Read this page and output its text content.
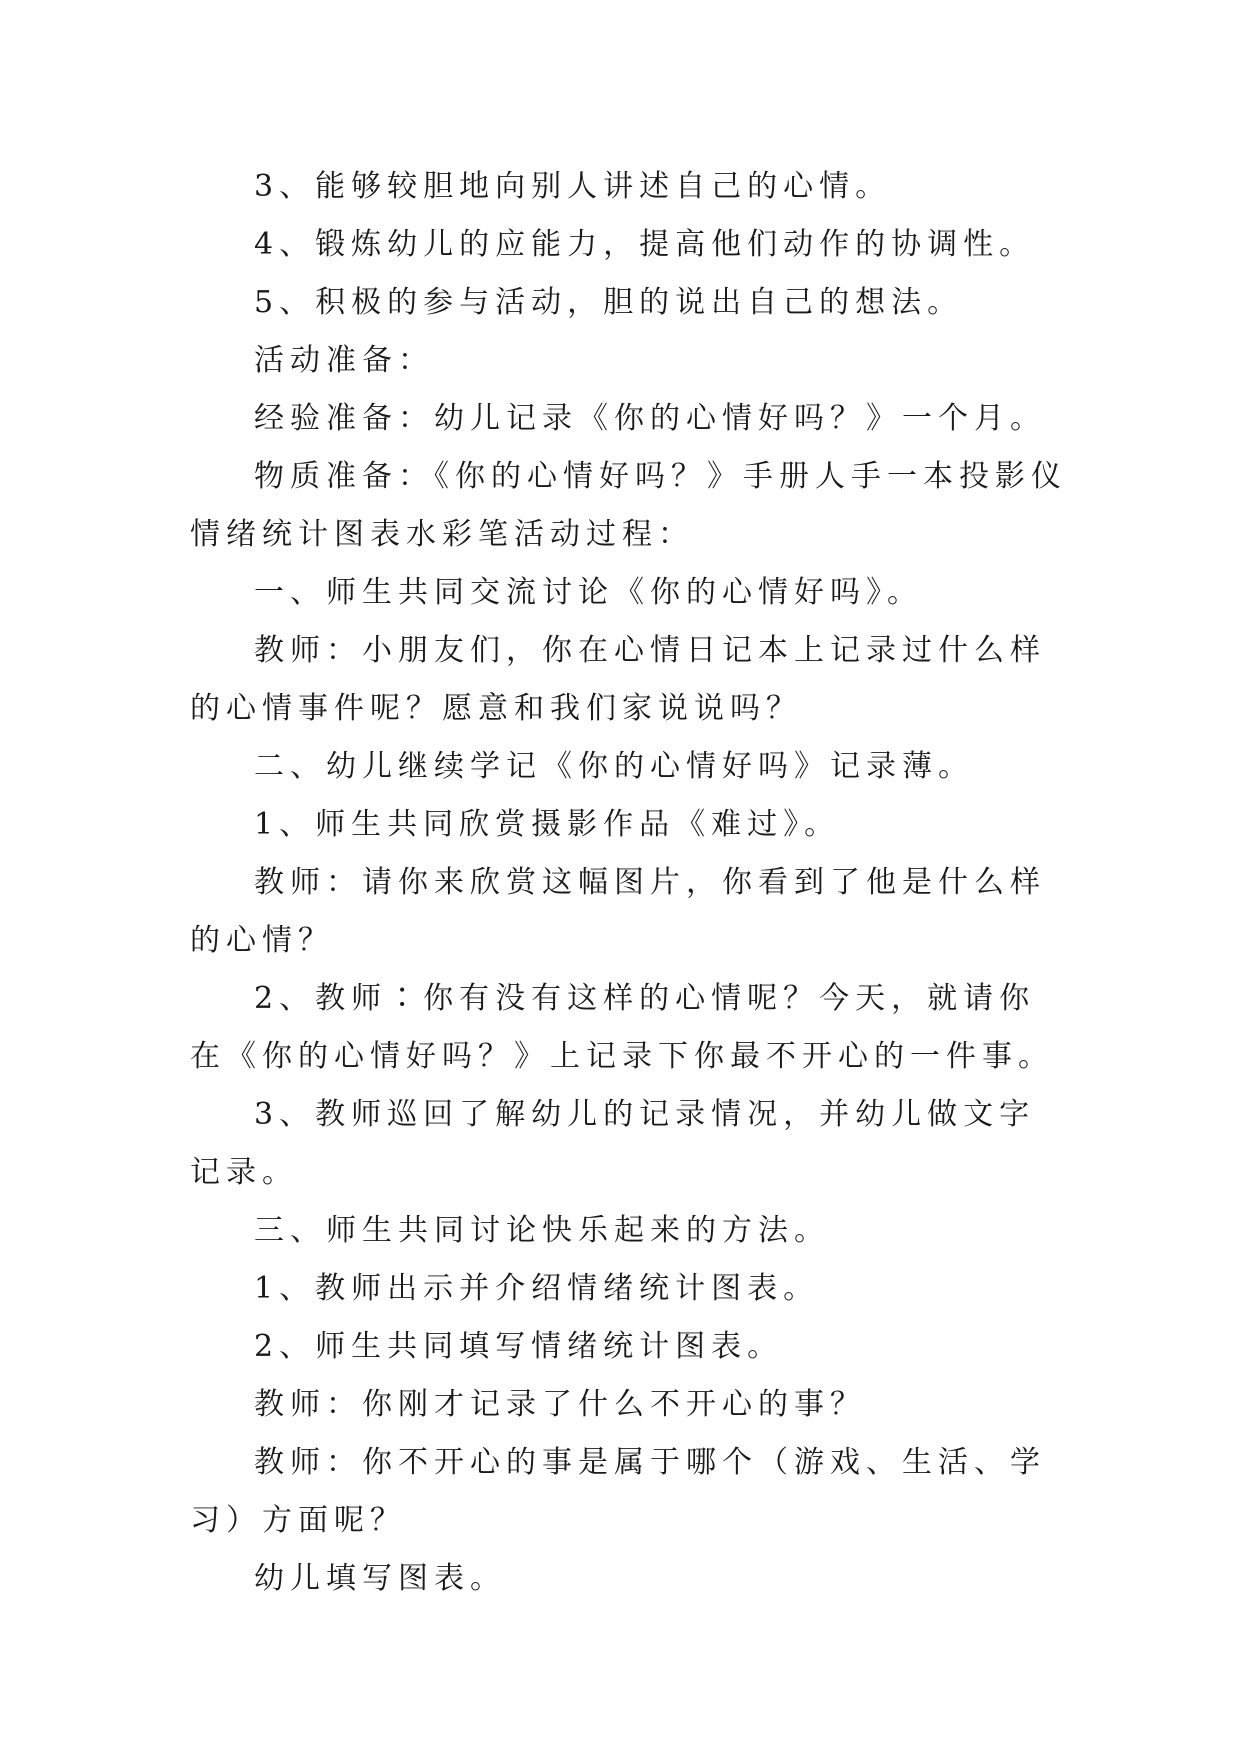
3、能够较胆地向别人讲述自己的心情。

4、锻炼幼儿的应能力，提高他们动作的协调性。

5、积极的参与活动，胆的说出自己的想法。

活动准备：

经验准备：幼儿记录《你的心情好吗？》一个月。

物质准备：《你的心情好吗？》手册人手一本投影仪情绪统计图表水彩笔活动过程：

一、师生共同交流讨论《你的心情好吗》。

教师：小朋友们，你在心情日记本上记录过什么样的心情事件呢？愿意和我们家说说吗？

二、幼儿继续学记《你的心情好吗》记录薄。

1、师生共同欣赏摄影作品《难过》。

教师：请你来欣赏这幅图片，你看到了他是什么样的心情？

2、教师∶你有没有这样的心情呢？今天，就请你在《你的心情好吗？》上记录下你最不开心的一件事。

3、教师巡回了解幼儿的记录情况，并幼儿做文字记录。

三、师生共同讨论快乐起来的方法。

1、教师出示并介绍情绪统计图表。

2、师生共同填写情绪统计图表。

教师：你刚才记录了什么不开心的事？

教师：你不开心的事是属于哪个（游戏、生活、学习）方面呢？

幼儿填写图表。
